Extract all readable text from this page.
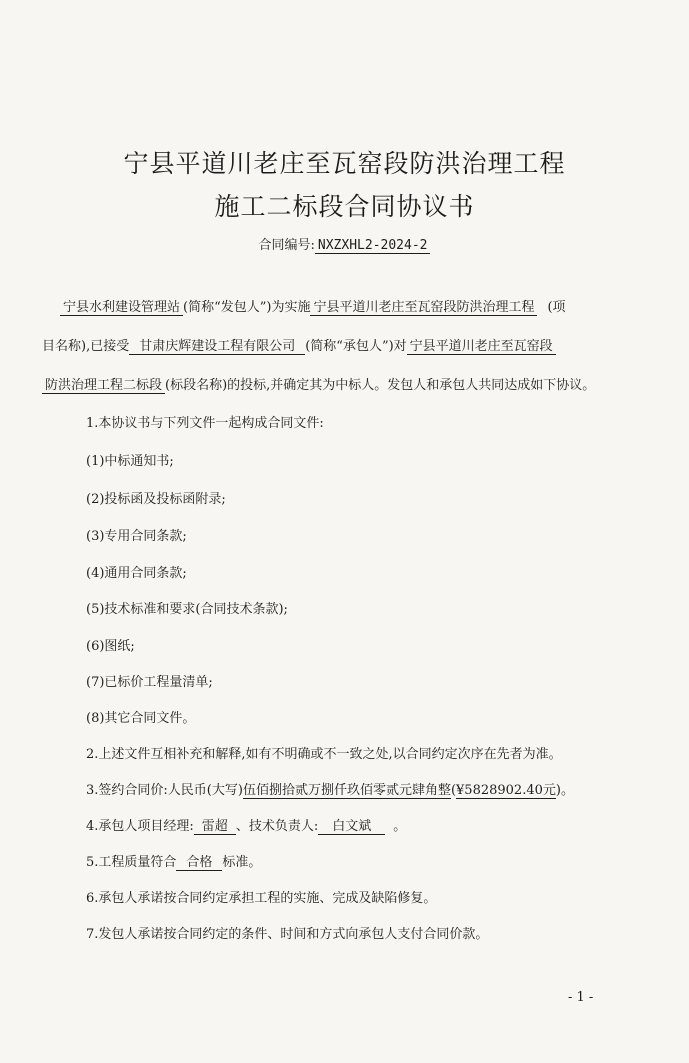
宁县平道川老庄至瓦窑段防洪治理工程
施工二标段合同协议书
合同编号: NXZXHL2-2024-2
宁县水利建设管理站 (简称“发包人”)为实施 宁县平道川老庄至瓦窑段防洪治理工程 (项
目名称),已接受 甘肃庆辉建设工程有限公司 (简称“承包人”)对 宁县平道川老庄至瓦窑段
防洪治理工程二标段 (标段名称)的投标,并确定其为中标人。发包人和承包人共同达成如下协议。
1.本协议书与下列文件一起构成合同文件:
(1)中标通知书;
(2)投标函及投标函附录;
(3)专用合同条款;
(4)通用合同条款;
(5)技术标准和要求(合同技术条款);
(6)图纸;
(7)已标价工程量清单;
(8)其它合同文件。
2.上述文件互相补充和解释,如有不明确或不一致之处,以合同约定次序在先者为准。
3.签约合同价:人民币(大写)伍佰捌拾贰万捌仟玖佰零贰元肆角整(¥5828902.40元)。
4.承包人项目经理: 雷超 、技术负责人: 白文斌 。
5.工程质量符合 合格 标准。
6.承包人承诺按合同约定承担工程的实施、完成及缺陷修复。
7.发包人承诺按合同约定的条件、时间和方式向承包人支付合同价款。
- 1 -
